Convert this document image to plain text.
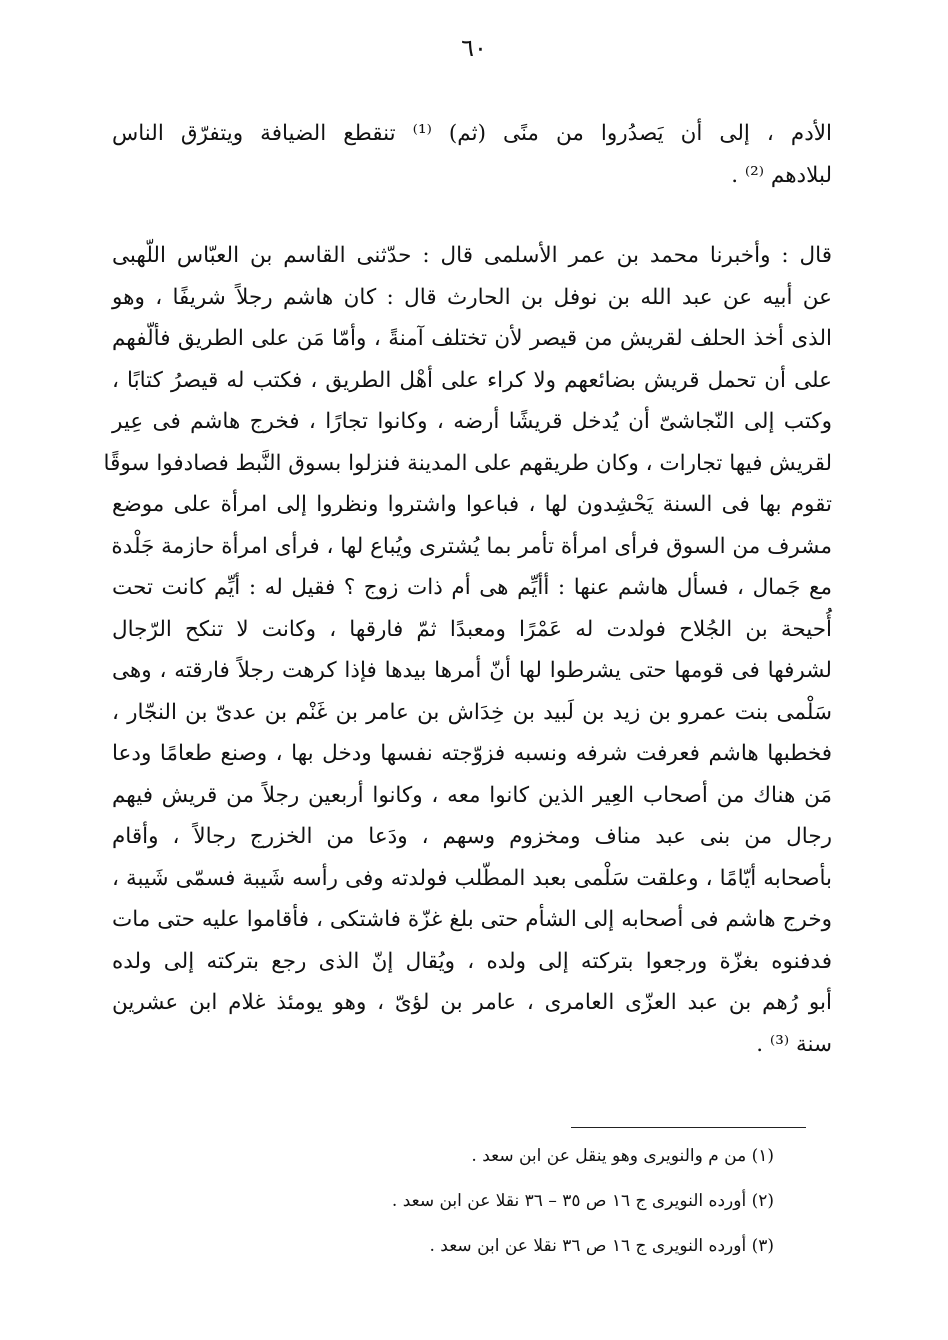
٦٠
الأدم ، إلى أن يَصدُروا من منًى (ثم) ⁽¹⁾ تنقطع الضيافة ويتفرّق الناس
لبلادهم ⁽²⁾ .
قال : وأخبرنا محمد بن عمر الأسلمى قال : حدّثنى القاسم بن العبّاس اللّهبى
عن أبيه عن عبد الله بن نوفل بن الحارث قال : كان هاشم رجلاً شريفًا ، وهو
الذى أخذ الحلف لقريش من قيصر لأن تختلف آمنةً ، وأمّا مَن على الطريق فألّفهم
على أن تحمل قريش بضائعهم ولا كراء على أهْل الطريق ، فكتب له قيصرُ كتابًا ،
وكتب إلى النّجاشىّ أن يُدخل قريشًا أرضه ، وكانوا تجارًا ، فخرج هاشم فى عِير
لقريش فيها تجارات ، وكان طريقهم على المدينة فنزلوا بسوق النَّبط فصادفوا سوقًا
تقوم بها فى السنة يَحْشِدون لها ، فباعوا واشتروا ونظروا إلى امرأة على موضع
مشرف من السوق فرأى امرأة تأمر بما يُشترى ويُباع لها ، فرأى امرأة حازمة جَلْدة
مع جَمال ، فسأل هاشم عنها : أأيِّم هى أم ذات زوج ؟ فقيل له : أيِّم كانت تحت
أُحيحة بن الجُلاح فولدت له عَمْرًا ومعبدًا ثمّ فارقها ، وكانت لا تنكح الرّجال
لشرفها فى قومها حتى يشرطوا لها أنّ أمرها بيدها فإذا كرهت رجلاً فارقته ، وهى
سَلْمى بنت عمرو بن زيد بن لَبيد بن خِدَاش بن عامر بن غَنْم بن عدىّ بن النجّار ،
فخطبها هاشم فعرفت شرفه ونسبه فزوّجته نفسها ودخل بها ، وصنع طعامًا ودعا
مَن هناك من أصحاب العِير الذين كانوا معه ، وكانوا أربعين رجلاً من قريش فيهم
رجال من بنى عبد مناف ومخزوم وسهم ، ودَعا من الخزرج رجالاً ، وأقام
بأصحابه أيّامًا ، وعلقت سَلْمى بعبد المطّلب فولدته وفى رأسه شَيبة فسمّى شَيبة ،
وخرج هاشم فى أصحابه إلى الشأم حتى بلغ غزّة فاشتكى ، فأقاموا عليه حتى مات
فدفنوه بغزّة ورجعوا بتركته إلى ولده ، ويُقال إنّ الذى رجع بتركته إلى ولده
أبو رُهم بن عبد العزّى العامرى ، عامر بن لؤىّ ، وهو يومئذ غلام ابن عشرين
سنة ⁽³⁾ .
(١) من م والنويرى وهو ينقل عن ابن سعد .
(٢) أورده النويرى ج ١٦ ص ٣٥ – ٣٦ نقلا عن ابن سعد .
(٣) أورده النويرى ج ١٦ ص ٣٦ نقلا عن ابن سعد .
